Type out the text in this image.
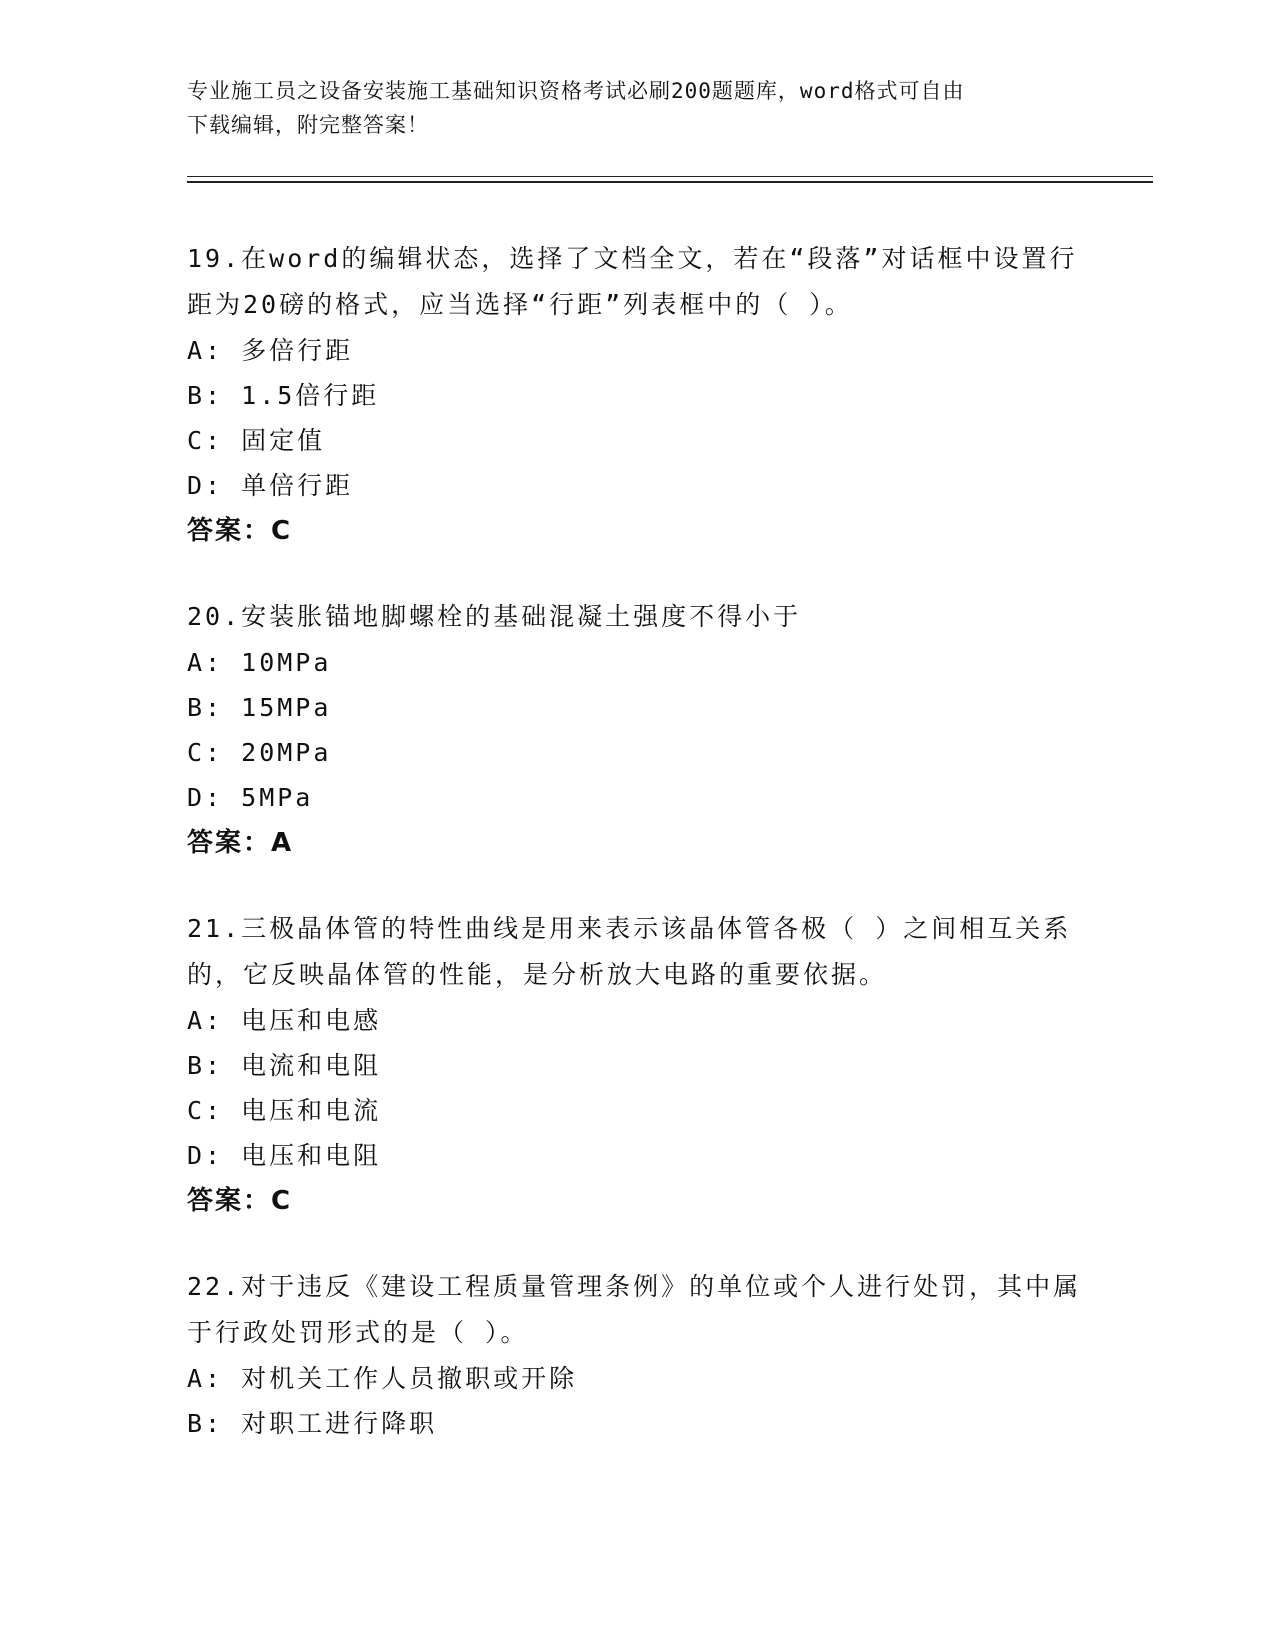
专业施工员之设备安装施工基础知识资格考试必刷200题题库，word格式可自由
下载编辑，附完整答案！
19.在word的编辑状态，选择了文档全文，若在“段落”对话框中设置行距为20磅的格式，应当选择“行距”列表框中的（ ）。
A: 多倍行距
B: 1.5倍行距
C: 固定值
D: 单倍行距
答案：C
20.安装胀锚地脚螺栓的基础混凝土强度不得小于
A: 10MPa
B: 15MPa
C: 20MPa
D: 5MPa
答案：A
21.三极晶体管的特性曲线是用来表示该晶体管各极（ ）之间相互关系的，它反映晶体管的性能，是分析放大电路的重要依据。
A: 电压和电感
B: 电流和电阻
C: 电压和电流
D: 电压和电阻
答案：C
22.对于违反《建设工程质量管理条例》的单位或个人进行处罚，其中属于行政处罚形式的是（ ）。
A: 对机关工作人员撤职或开除
B: 对职工进行降职
